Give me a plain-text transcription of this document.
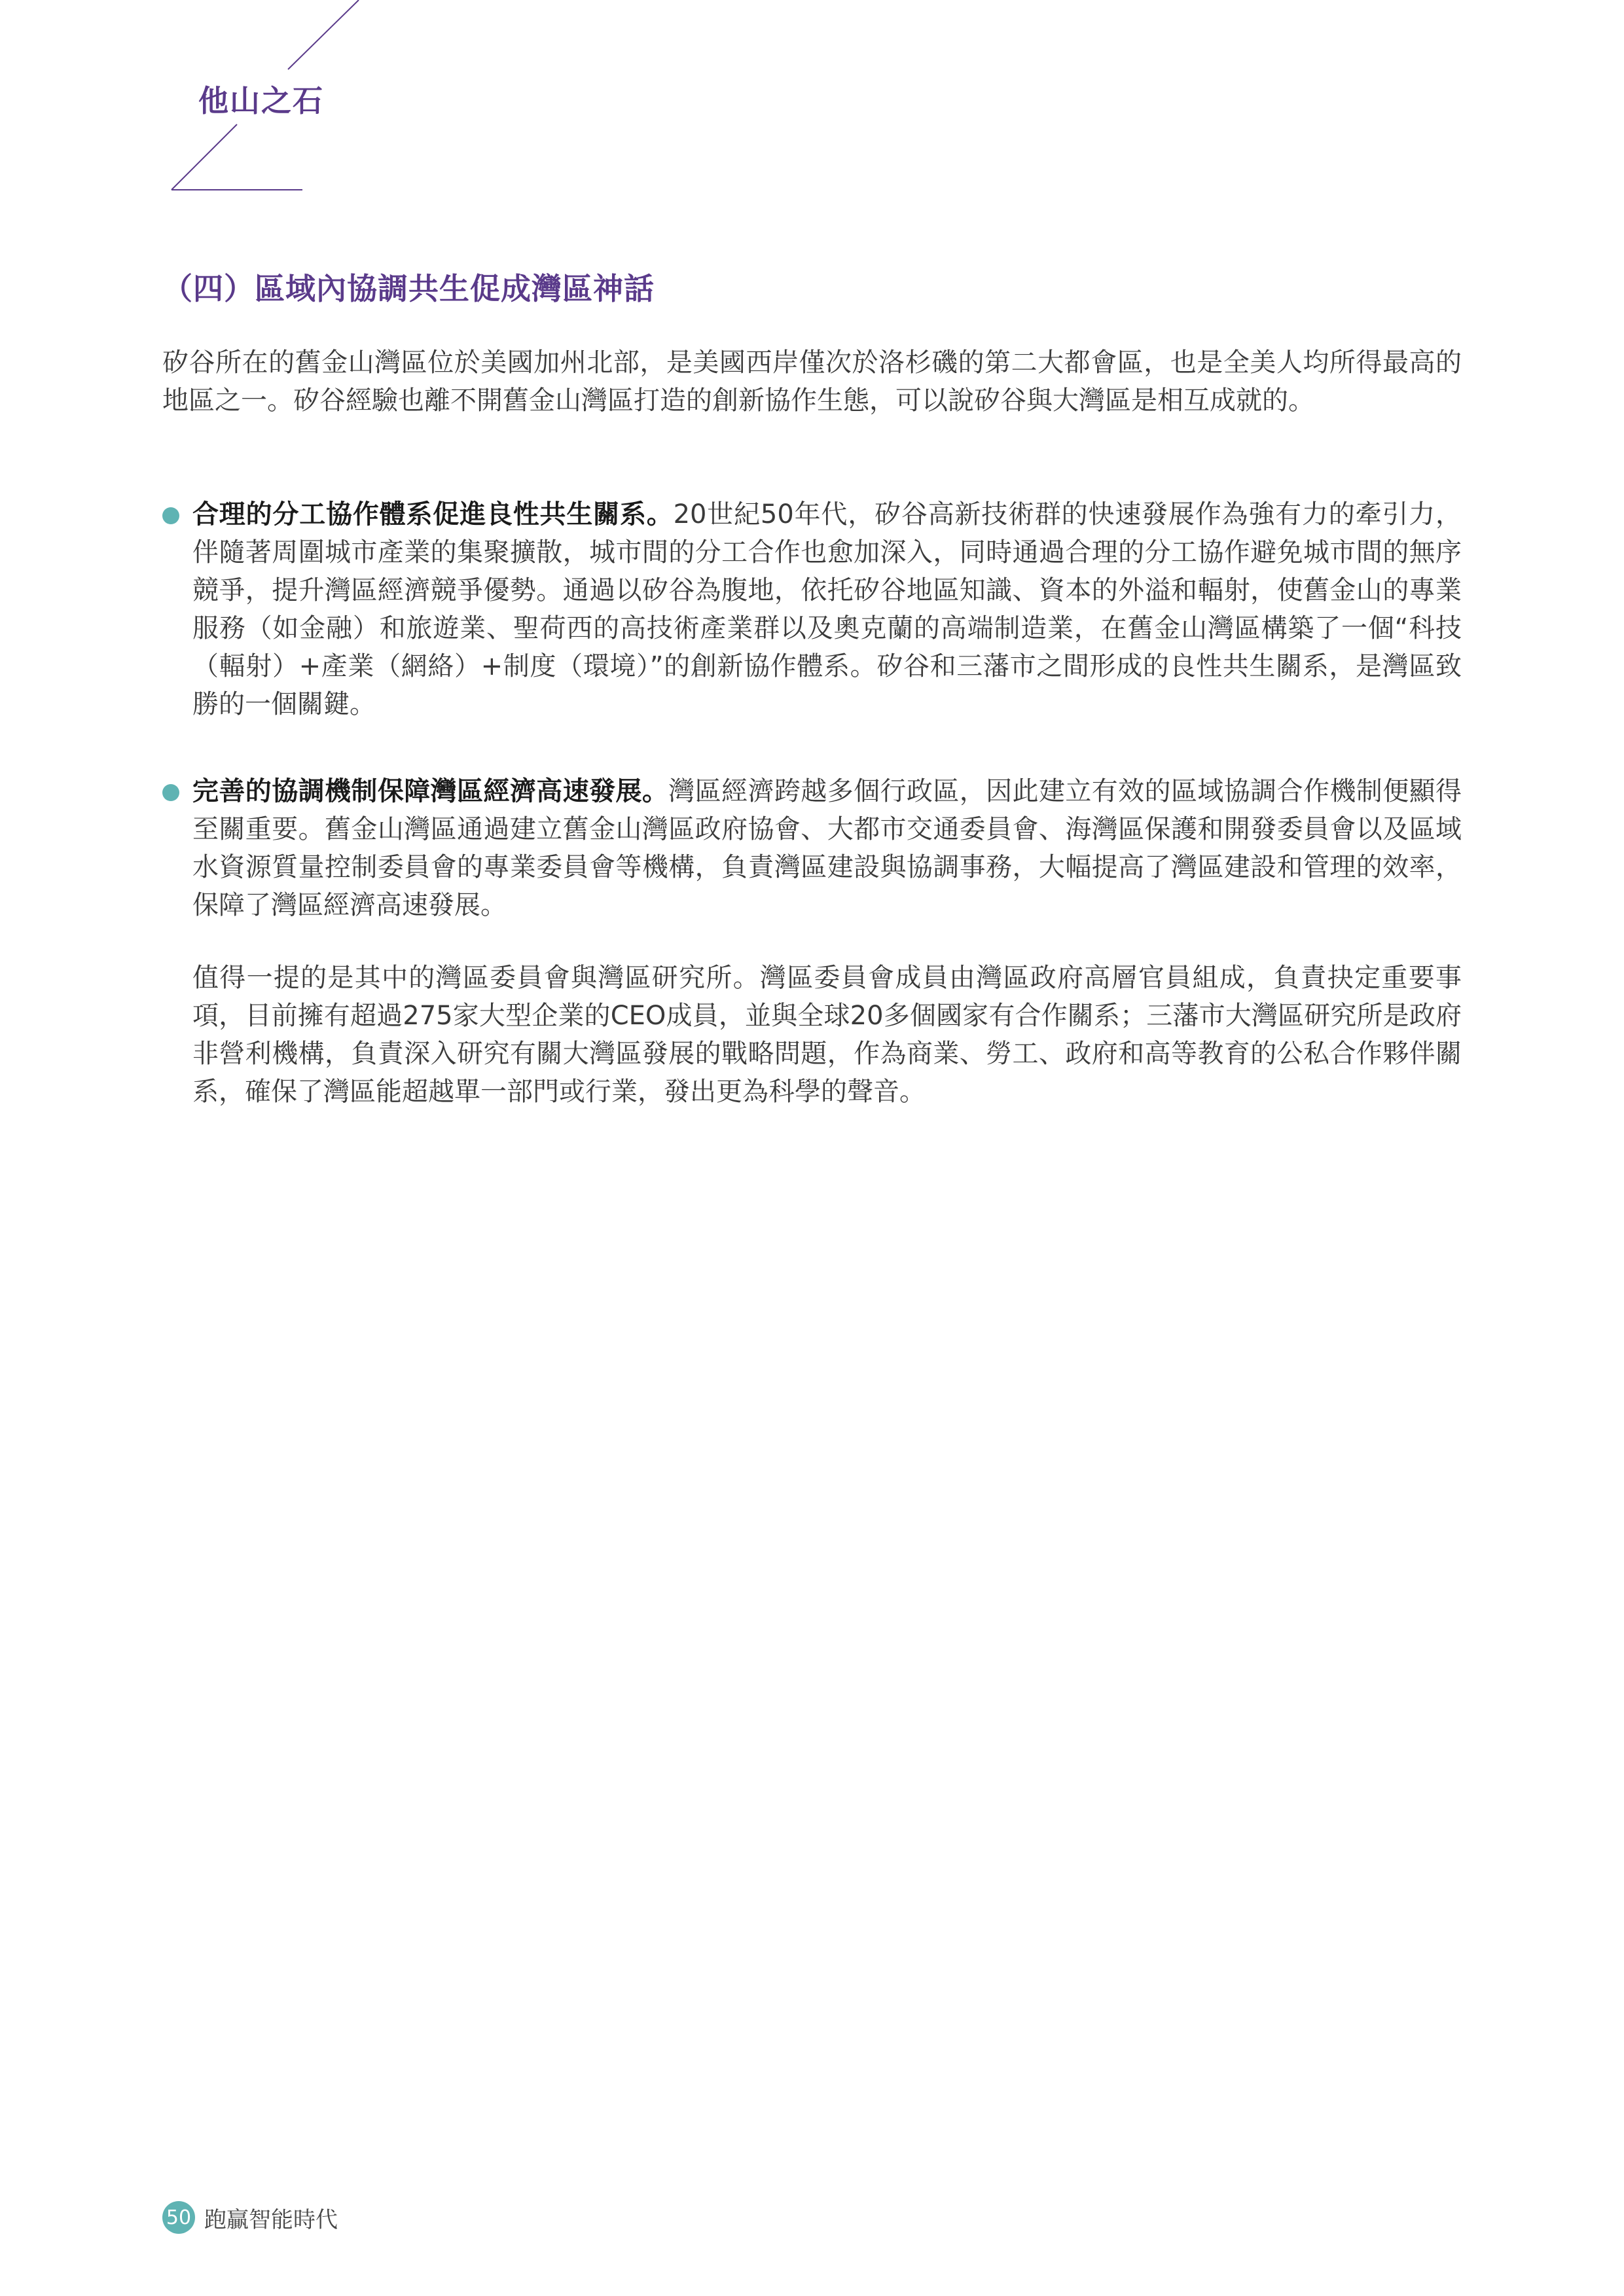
他山之石
（四）區域內協調共生促成灣區神話
矽谷所在的舊金山灣區位於美國加州北部，是美國西岸僅次於洛杉磯的第二大都會區，也是全美人均所得最高的地區之一。矽谷經驗也離不開舊金山灣區打造的創新協作生態，可以說矽谷與大灣區是相互成就的。
合理的分工協作體系促進良性共生關系。20世紀50年代，矽谷高新技術群的快速發展作為強有力的牽引力，伴隨著周圍城市產業的集聚擴散，城市間的分工合作也愈加深入，同時通過合理的分工協作避免城市間的無序競爭，提升灣區經濟競爭優勢。通過以矽谷為腹地，依托矽谷地區知識、資本的外溢和輻射，使舊金山的專業服務（如金融）和旅遊業、聖荷西的高技術產業群以及奧克蘭的高端制造業，在舊金山灣區構築了一個“科技（輻射）+產業（網絡）+制度（環境）”的創新協作體系。矽谷和三藩市之間形成的良性共生關系，是灣區致勝的一個關鍵。
完善的協調機制保障灣區經濟高速發展。灣區經濟跨越多個行政區，因此建立有效的區域協調合作機制便顯得至關重要。舊金山灣區通過建立舊金山灣區政府協會、大都市交通委員會、海灣區保護和開發委員會以及區域水資源質量控制委員會的專業委員會等機構，負責灣區建設與協調事務，大幅提高了灣區建設和管理的效率，保障了灣區經濟高速發展。
值得一提的是其中的灣區委員會與灣區研究所。灣區委員會成員由灣區政府高層官員組成，負責抉定重要事項，目前擁有超過275家大型企業的CEO成員，並與全球20多個國家有合作關系；三藩市大灣區研究所是政府非營利機構，負責深入研究有關大灣區發展的戰略問題，作為商業、勞工、政府和高等教育的公私合作夥伴關系，確保了灣區能超越單一部門或行業，發出更為科學的聲音。
50 跑贏智能時代
